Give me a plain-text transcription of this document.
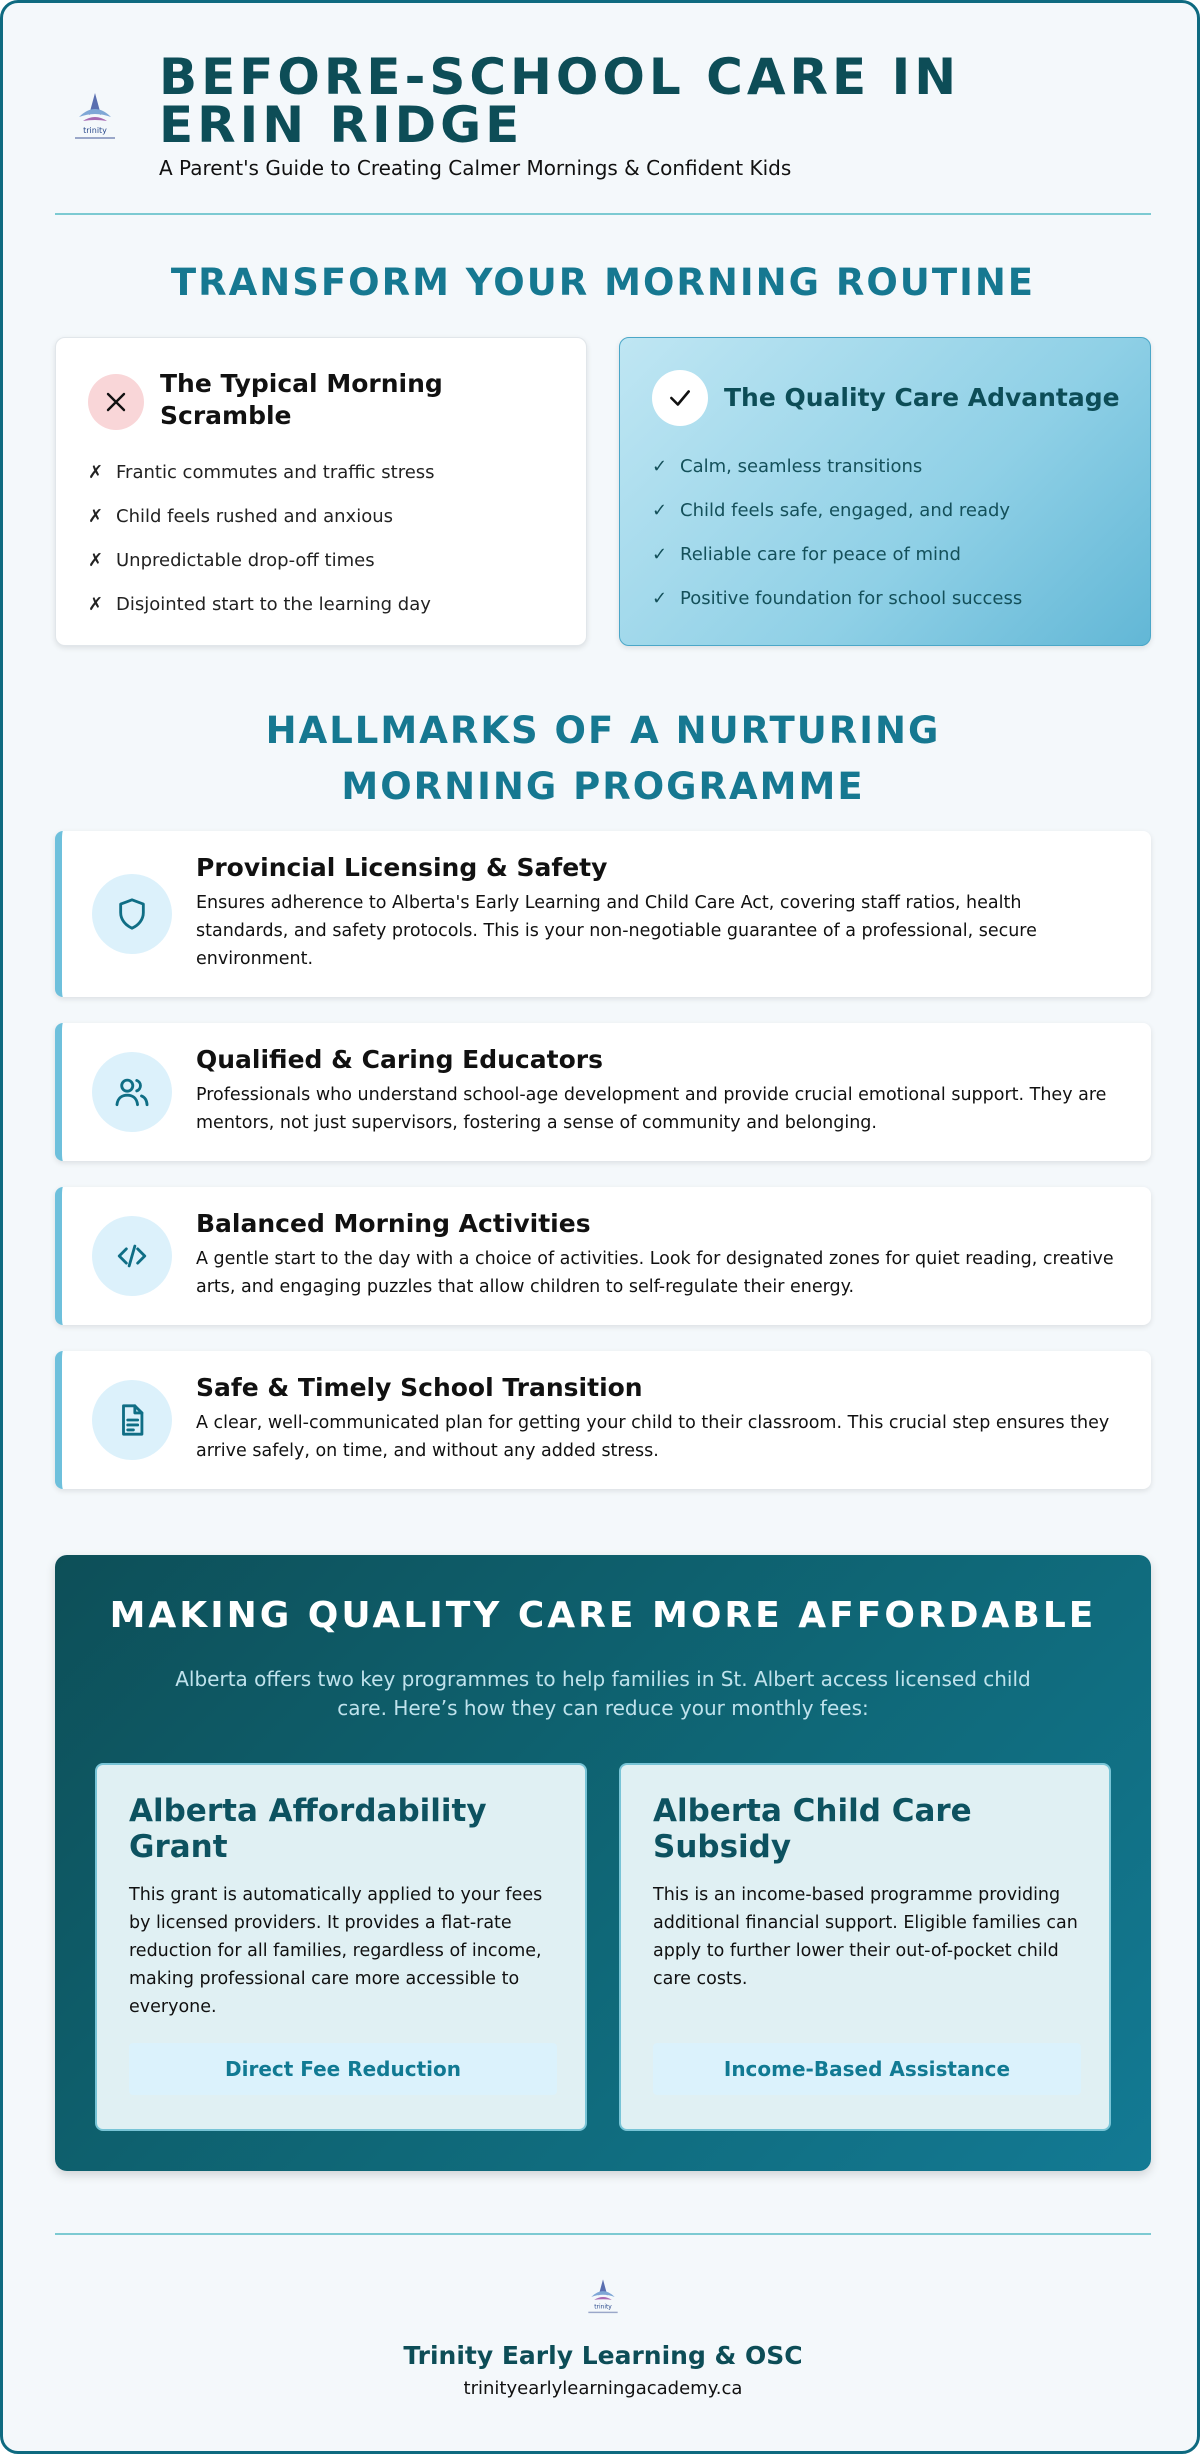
trinity
BEFORE-SCHOOL CARE IN ERIN RIDGE
A Parent's Guide to Creating Calmer Mornings & Confident Kids
TRANSFORM YOUR MORNING ROUTINE
The Typical Morning Scramble
✗ Frantic commutes and traffic stress
✗ Child feels rushed and anxious
✗ Unpredictable drop-off times
✗ Disjointed start to the learning day
The Quality Care Advantage
✓ Calm, seamless transitions
✓ Child feels safe, engaged, and ready
✓ Reliable care for peace of mind
✓ Positive foundation for school success
HALLMARKS OF A NURTURING MORNING PROGRAMME
Provincial Licensing & Safety
Ensures adherence to Alberta's Early Learning and Child Care Act, covering staff ratios, health standards, and safety protocols. This is your non-negotiable guarantee of a professional, secure environment.
Qualified & Caring Educators
Professionals who understand school-age development and provide crucial emotional support. They are mentors, not just supervisors, fostering a sense of community and belonging.
Balanced Morning Activities
A gentle start to the day with a choice of activities. Look for designated zones for quiet reading, creative arts, and engaging puzzles that allow children to self-regulate their energy.
Safe & Timely School Transition
A clear, well-communicated plan for getting your child to their classroom. This crucial step ensures they arrive safely, on time, and without any added stress.
MAKING QUALITY CARE MORE AFFORDABLE
Alberta offers two key programmes to help families in St. Albert access licensed child care. Here’s how they can reduce your monthly fees:
Alberta Affordability Grant
This grant is automatically applied to your fees by licensed providers. It provides a flat-rate reduction for all families, regardless of income, making professional care more accessible to everyone.
Direct Fee Reduction
Alberta Child Care Subsidy
This is an income-based programme providing additional financial support. Eligible families can apply to further lower their out-of-pocket child care costs.
Income-Based Assistance
trinity
Trinity Early Learning & OSC
trinityearlylearningacademy.ca
